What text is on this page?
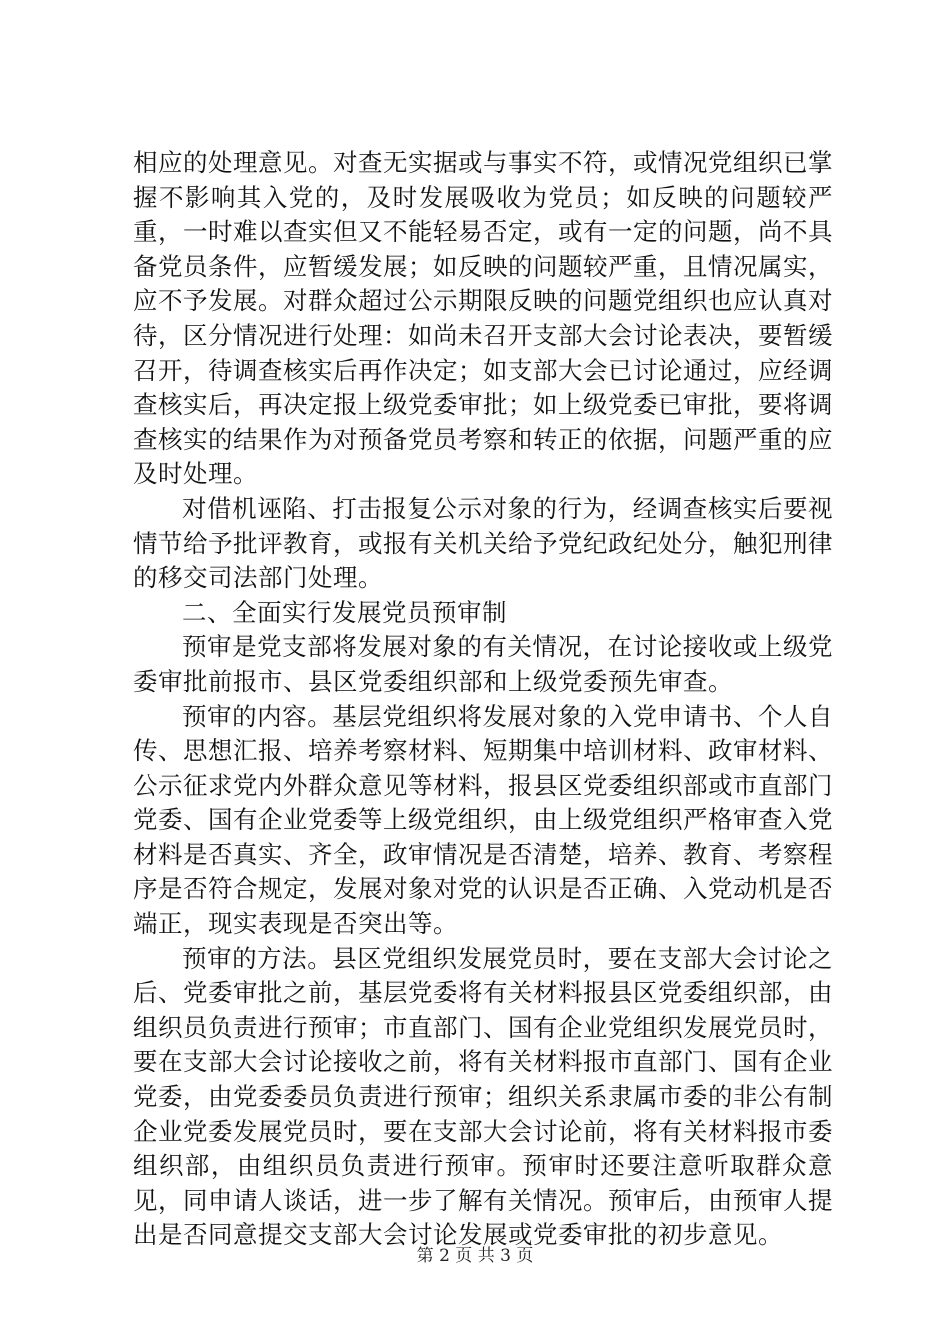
相应的处理意见。对查无实据或与事实不符，或情况党组织已掌握不影响其入党的，及时发展吸收为党员；如反映的问题较严重，一时难以查实但又不能轻易否定，或有一定的问题，尚不具备党员条件，应暂缓发展；如反映的问题较严重，且情况属实，应不予发展。对群众超过公示期限反映的问题党组织也应认真对待，区分情况进行处理：如尚未召开支部大会讨论表决，要暂缓召开，待调查核实后再作决定；如支部大会已讨论通过，应经调查核实后，再决定报上级党委审批；如上级党委已审批，要将调查核实的结果作为对预备党员考察和转正的依据，问题严重的应及时处理。

对借机诬陷、打击报复公示对象的行为，经调查核实后要视情节给予批评教育，或报有关机关给予党纪政纪处分，触犯刑律的移交司法部门处理。

二、全面实行发展党员预审制

预审是党支部将发展对象的有关情况，在讨论接收或上级党委审批前报市、县区党委组织部和上级党委预先审查。

预审的内容。基层党组织将发展对象的入党申请书、个人自传、思想汇报、培养考察材料、短期集中培训材料、政审材料、公示征求党内外群众意见等材料，报县区党委组织部或市直部门党委、国有企业党委等上级党组织，由上级党组织严格审查入党材料是否真实、齐全，政审情况是否清楚，培养、教育、考察程序是否符合规定，发展对象对党的认识是否正确、入党动机是否端正，现实表现是否突出等。

预审的方法。县区党组织发展党员时，要在支部大会讨论之后、党委审批之前，基层党委将有关材料报县区党委组织部，由组织员负责进行预审；市直部门、国有企业党组织发展党员时，要在支部大会讨论接收之前，将有关材料报市直部门、国有企业党委，由党委委员负责进行预审；组织关系隶属市委的非公有制企业党委发展党员时，要在支部大会讨论前，将有关材料报市委组织部，由组织员负责进行预审。预审时还要注意听取群众意见，同申请人谈话，进一步了解有关情况。预审后，由预审人提出是否同意提交支部大会讨论发展或党委审批的初步意见。

第 2 页 共 3 页
